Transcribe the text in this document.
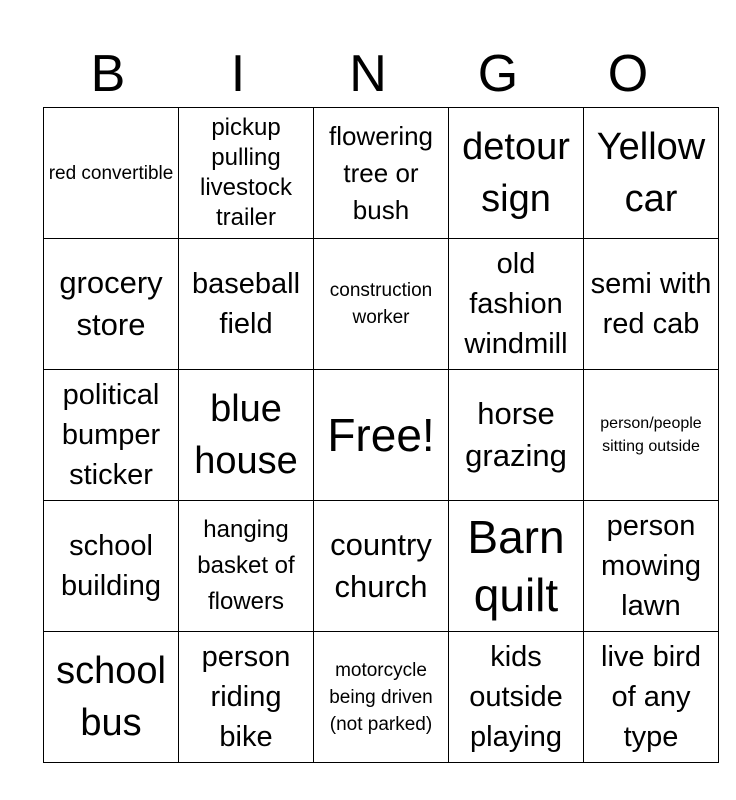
B	I	N	G	O
red convertible	pickup pulling livestock trailer	flowering tree or bush	detour sign	Yellow car

grocery store	baseball field	construction worker	old fashion windmill	semi with red cab

political bumper sticker	blue house	Free!	horse grazing	person/people sitting outside

school building	hanging basket of flowers	country church	Barn quilt	person mowing lawn

school bus	person riding bike	motorcycle being driven (not parked)	kids outside playing	live bird of any type
